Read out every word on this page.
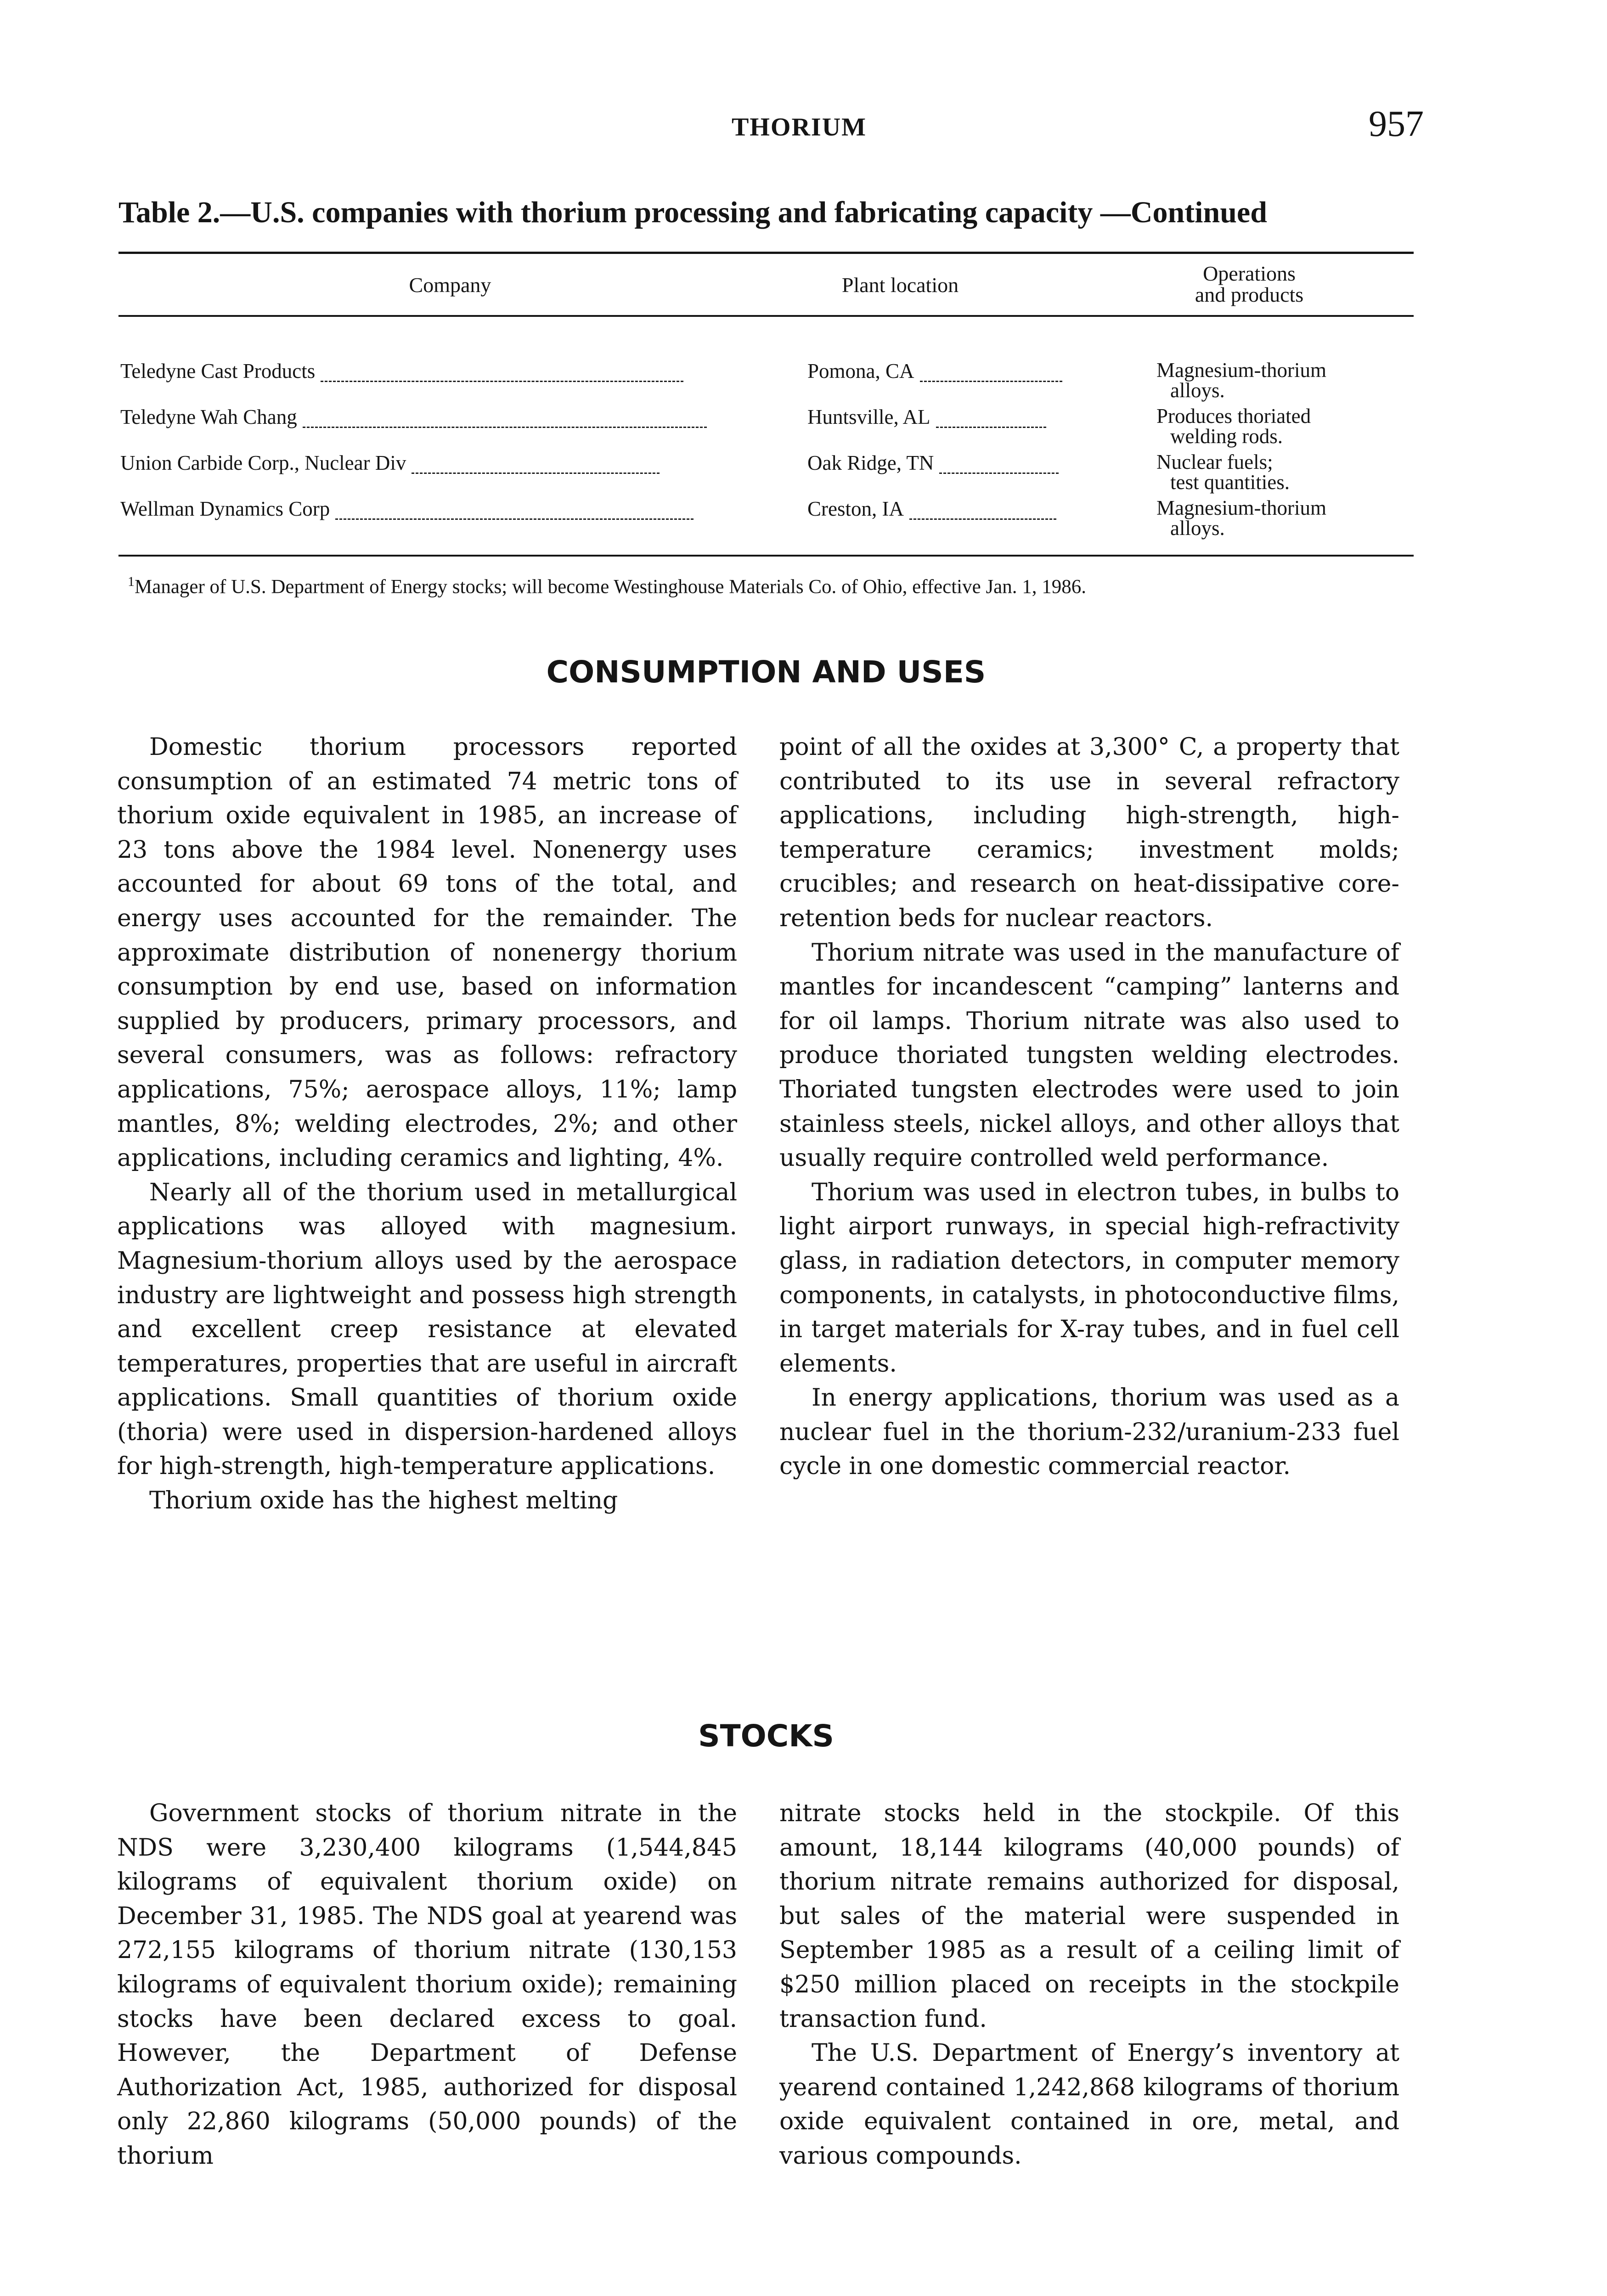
THORIUM	957
Table 2.—U.S. companies with thorium processing and fabricating capacity —Continued
Company	Plant location	Operations
and products
Teledyne Cast Products	Pomona, CA	Magnesium-thorium
alloys.
Teledyne Wah Chang	Huntsville, AL	Produces thoriated
welding rods.
Union Carbide Corp., Nuclear Div	Oak Ridge, TN	Nuclear fuels;
test quantities.
Wellman Dynamics Corp	Creston, IA	Magnesium-thorium
alloys.
$^1$Manager of U.S. Department of Energy stocks; will become Westinghouse Materials Co. of Ohio, effective Jan. 1, 1986.
CONSUMPTION AND USES

Domestic thorium processors reported consumption of an estimated 74 metric tons of thorium oxide equivalent in 1985, an increase of 23 tons above the 1984 level. Nonenergy uses accounted for about 69 tons of the total, and energy uses accounted for the remainder. The approximate distribution of nonenergy thorium consumption by end use, based on information supplied by producers, primary processors, and several consumers, was as follows: refractory applications, 75%; aerospace alloys, 11%; lamp mantles, 8%; welding electrodes, 2%; and other applications, including ceramics and lighting, 4%.

Nearly all of the thorium used in metallurgical applications was alloyed with magnesium. Magnesium-thorium alloys used by the aerospace industry are lightweight and possess high strength and excellent creep resistance at elevated temperatures, properties that are useful in aircraft applications. Small quantities of thorium oxide (thoria) were used in dispersion-hardened alloys for high-strength, high-temperature applications.

Thorium oxide has the highest melting

point of all the oxides at 3,300° C, a property that contributed to its use in several refractory applications, including high-strength, high-temperature ceramics; investment molds; crucibles; and research on heat-dissipative core-retention beds for nuclear reactors.

Thorium nitrate was used in the manufacture of mantles for incandescent “camping” lanterns and for oil lamps. Thorium nitrate was also used to produce thoriated tungsten welding electrodes. Thoriated tungsten electrodes were used to join stainless steels, nickel alloys, and other alloys that usually require controlled weld performance.

Thorium was used in electron tubes, in bulbs to light airport runways, in special high-refractivity glass, in radiation detectors, in computer memory components, in catalysts, in photoconductive films, in target materials for X-ray tubes, and in fuel cell elements.

In energy applications, thorium was used as a nuclear fuel in the thorium-232/uranium-233 fuel cycle in one domestic commercial reactor.

STOCKS

Government stocks of thorium nitrate in the NDS were 3,230,400 kilograms (1,544,845 kilograms of equivalent thorium oxide) on December 31, 1985. The NDS goal at yearend was 272,155 kilograms of thorium nitrate (130,153 kilograms of equivalent thorium oxide); remaining stocks have been declared excess to goal. However, the Department of Defense Authorization Act, 1985, authorized for disposal only 22,860 kilograms (50,000 pounds) of the thorium

nitrate stocks held in the stockpile. Of this amount, 18,144 kilograms (40,000 pounds) of thorium nitrate remains authorized for disposal, but sales of the material were suspended in September 1985 as a result of a ceiling limit of $250 million placed on receipts in the stockpile transaction fund.

The U.S. Department of Energy’s inventory at yearend contained 1,242,868 kilograms of thorium oxide equivalent contained in ore, metal, and various compounds.
